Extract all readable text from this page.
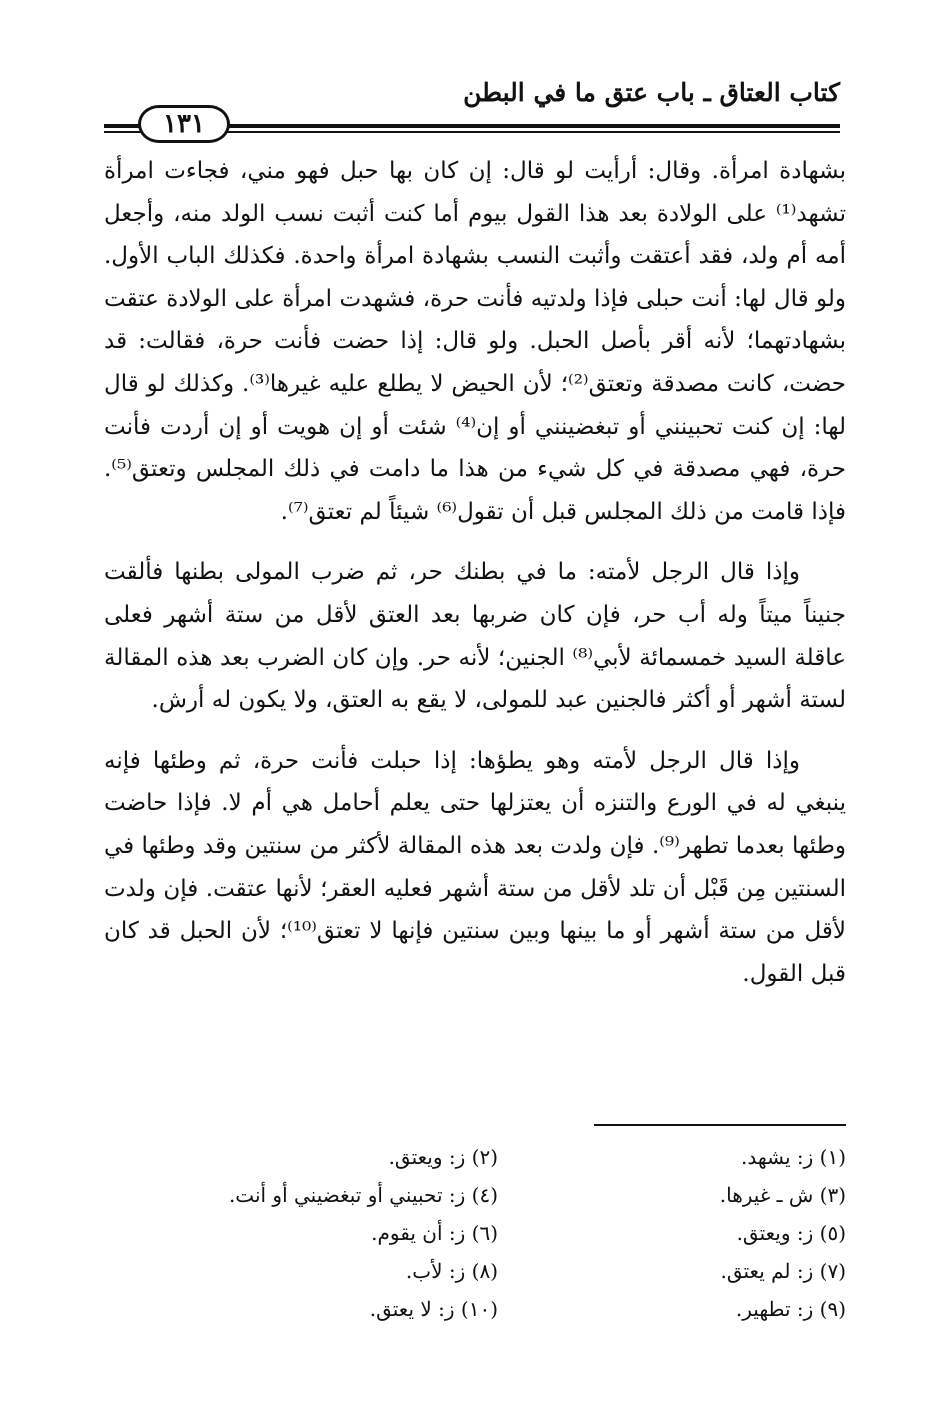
كتاب العتاق ـ باب عتق ما في البطن
١٣١

بشهادة امرأة. وقال: أرأيت لو قال: إن كان بها حبل فهو مني، فجاءت امرأة تشهد⁽¹⁾ على الولادة بعد هذا القول بيوم أما كنت أثبت نسب الولد منه، وأجعل أمه أم ولد، فقد أعتقت وأثبت النسب بشهادة امرأة واحدة. فكذلك الباب الأول. ولو قال لها: أنت حبلى فإذا ولدتيه فأنت حرة، فشهدت امرأة على الولادة عتقت بشهادتهما؛ لأنه أقر بأصل الحبل. ولو قال: إذا حضت فأنت حرة، فقالت: قد حضت، كانت مصدقة وتعتق⁽²⁾؛ لأن الحيض لا يطلع عليه غيرها⁽³⁾. وكذلك لو قال لها: إن كنت تحبينني أو تبغضينني أو إن⁽⁴⁾ شئت أو إن هويت أو إن أردت فأنت حرة، فهي مصدقة في كل شيء من هذا ما دامت في ذلك المجلس وتعتق⁽⁵⁾. فإذا قامت من ذلك المجلس قبل أن تقول⁽⁶⁾ شيئاً لم تعتق⁽⁷⁾.

وإذا قال الرجل لأمته: ما في بطنك حر، ثم ضرب المولى بطنها فألقت جنيناً ميتاً وله أب حر، فإن كان ضربها بعد العتق لأقل من ستة أشهر فعلى عاقلة السيد خمسمائة لأبي⁽⁸⁾ الجنين؛ لأنه حر. وإن كان الضرب بعد هذه المقالة لستة أشهر أو أكثر فالجنين عبد للمولى، لا يقع به العتق، ولا يكون له أرش.

وإذا قال الرجل لأمته وهو يطؤها: إذا حبلت فأنت حرة، ثم وطئها فإنه ينبغي له في الورع والتنزه أن يعتزلها حتى يعلم أحامل هي أم لا. فإذا حاضت وطئها بعدما تطهر⁽⁹⁾. فإن ولدت بعد هذه المقالة لأكثر من سنتين وقد وطئها في السنتين مِن قَبْل أن تلد لأقل من ستة أشهر فعليه العقر؛ لأنها عتقت. فإن ولدت لأقل من ستة أشهر أو ما بينها وبين سنتين فإنها لا تعتق⁽¹⁰⁾؛ لأن الحبل قد كان قبل القول.

(١) ز: يشهد.
(٢) ز: ويعتق.
(٣) ش ـ غيرها.
(٤) ز: تحبيني أو تبغضيني أو أنت.
(٥) ز: ويعتق.
(٦) ز: أن يقوم.
(٧) ز: لم يعتق.
(٨) ز: لأب.
(٩) ز: تطهير.
(١٠) ز: لا يعتق.
